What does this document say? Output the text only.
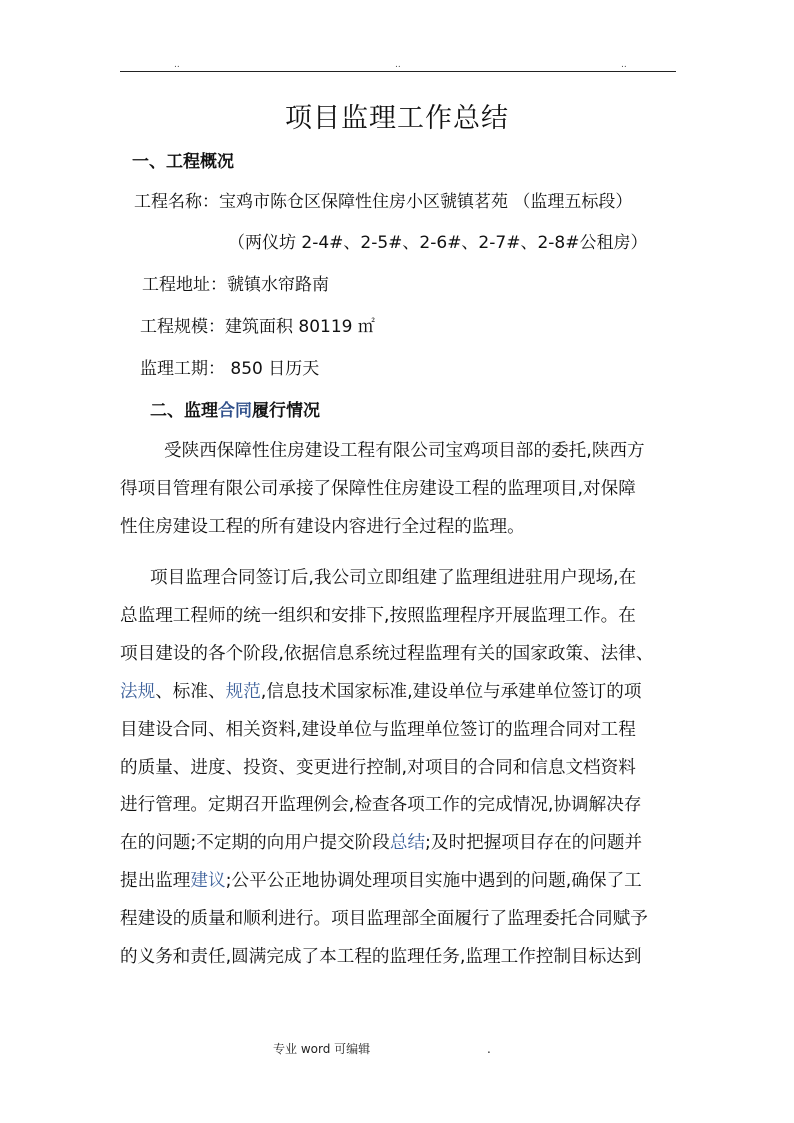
..	..	..
项目监理工作总结
一、工程概况
工程名称：宝鸡市陈仓区保障性住房小区虢镇茗苑 （监理五标段）
（两仪坊 2-4#、2-5#、2-6#、2-7#、2-8#公租房）
工程地址：虢镇水帘路南
工程规模：建筑面积 80119 ㎡
监理工期： 850 日历天
二、监理合同履行情况
受陕西保障性住房建设工程有限公司宝鸡项目部的委托,陕西方
得项目管理有限公司承接了保障性住房建设工程的监理项目,对保障
性住房建设工程的所有建设内容进行全过程的监理。
项目监理合同签订后,我公司立即组建了监理组进驻用户现场,在
总监理工程师的统一组织和安排下,按照监理程序开展监理工作。在
项目建设的各个阶段,依据信息系统过程监理有关的国家政策、法律、
法规、标准、规范,信息技术国家标准,建设单位与承建单位签订的项
目建设合同、相关资料,建设单位与监理单位签订的监理合同对工程
的质量、进度、投资、变更进行控制,对项目的合同和信息文档资料
进行管理。定期召开监理例会,检查各项工作的完成情况,协调解决存
在的问题;不定期的向用户提交阶段总结;及时把握项目存在的问题并
提出监理建议;公平公正地协调处理项目实施中遇到的问题,确保了工
程建设的质量和顺利进行。项目监理部全面履行了监理委托合同赋予
的义务和责任,圆满完成了本工程的监理任务,监理工作控制目标达到
专业 word 可编辑	.
